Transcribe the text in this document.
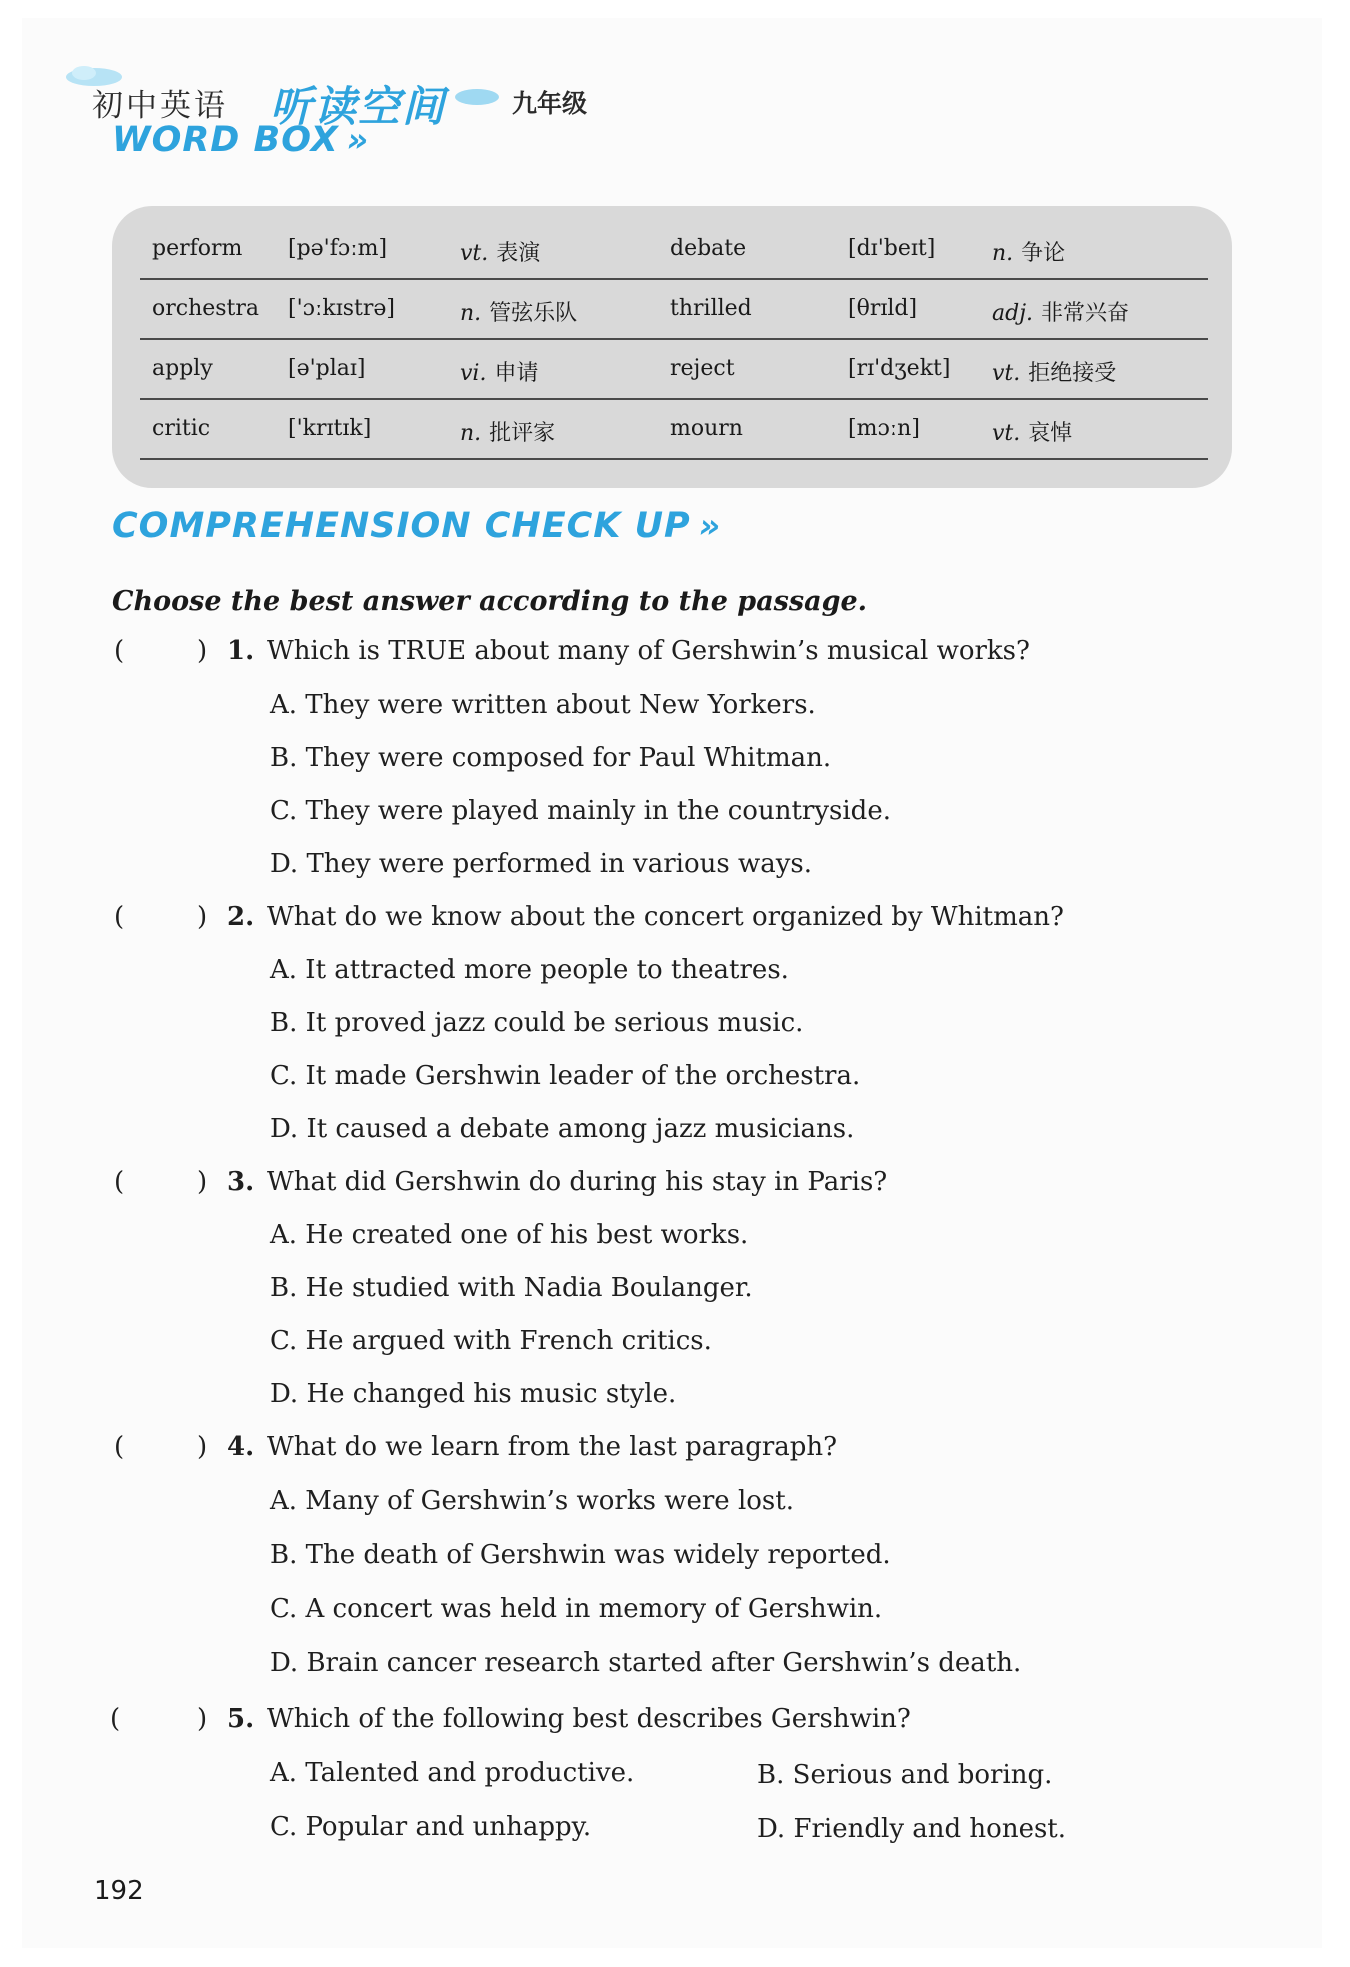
初中英语 听读空间	九年级
WORD BOX »
perform [pə'fɔːm]	vt. 表演	debate	[dɪ'beɪt]	n. 争论
orchestra ['ɔːkɪstrə]	n. 管弦乐队	thrilled	[θrɪld]	adj. 非常兴奋
apply	[ə'plaɪ]	vi. 申请	reject	[rɪ'dʒekt] vt. 拒绝接受
critic	['krɪtɪk]	n. 批评家	mourn	[mɔːn]	vt. 哀悼
COMPREHENSION CHECK UP »
Choose the best answer according to the passage.
(	) 1. Which is TRUE about many of Gershwin’s musical works?
A. They were written about New Yorkers.
B. They were composed for Paul Whitman.
C. They were played mainly in the countryside.
D. They were performed in various ways.
(	) 2. What do we know about the concert organized by Whitman?
A. It attracted more people to theatres.
B. It proved jazz could be serious music.
C. It made Gershwin leader of the orchestra.
D. It caused a debate among jazz musicians.
(	) 3. What did Gershwin do during his stay in Paris?
A. He created one of his best works.
B. He studied with Nadia Boulanger.
C. He argued with French critics.
D. He changed his music style.
(	) 4. What do we learn from the last paragraph?
A. Many of Gershwin’s works were lost.
B. The death of Gershwin was widely reported.
C. A concert was held in memory of Gershwin.
D. Brain cancer research started after Gershwin’s death.
(	) 5. Which of the following best describes Gershwin?
A. Talented and productive.	B. Serious and boring.
C. Popular and unhappy.	D. Friendly and honest.
192
